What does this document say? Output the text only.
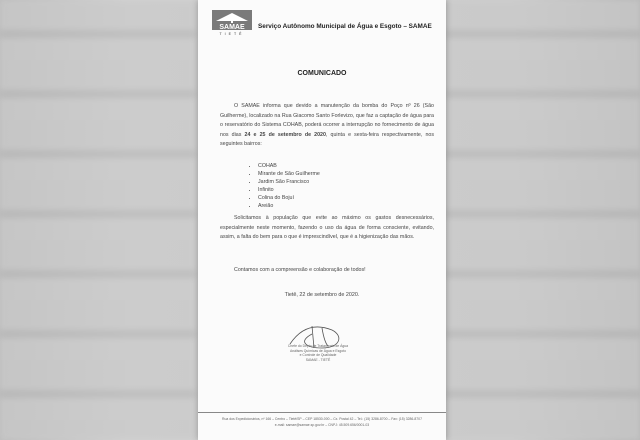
SAMAE
TIETÊ
Serviço Autônomo Municipal de Água e Esgoto – SAMAE
COMUNICADO

O SAMAE informa que devido a manutenção da bomba do Poço nº 26 (São Guilherme), localizado na Rua Giacomo Santo Forlevizo, que faz a captação de água para o reservatório do Sistema COHAB, poderá ocorrer a interrupção no fornecimento de água nos dias 24 e 25 de setembro de 2020, quinta e sexta-feira respectivamente, nos seguintes bairros:

• COHAB
• Mirante de São Guilherme
• Jardim São Francisco
• Infinito
• Colina do Bojuí
• Areião

Solicitamos à população que evite ao máximo os gastos desnecessários, especialmente neste momento, fazendo o uso da água de forma consciente, evitando, assim, a falta do bem para o que é imprescindível, que é a higienização das mãos.

Contamos com a compreensão e colaboração de todos!

Tietê, 22 de setembro de 2020.
Chefe do Depto de Tratamento de Água
Análises Químicas de Água e Esgoto
e Controle de Qualidade
SAMAE - TIETÊ
Rua dos Expedicionários, nº 166 – Centro – Tietê/SP – CEP 18530-000 – Cx. Postal 42 – Tel.: (15) 3286-8700 – Fax: (15) 3286-8707
e-mail: samae@samae.sp.gov.br – CNPJ: 45.509.656/0001-03
